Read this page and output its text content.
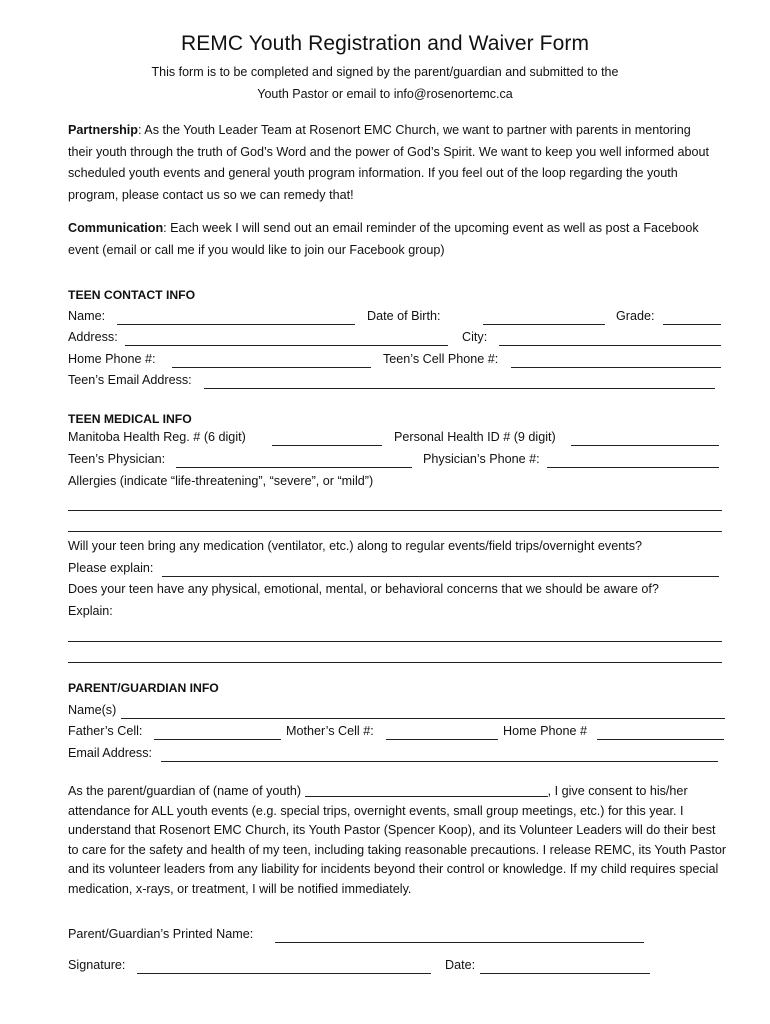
REMC Youth Registration and Waiver Form
This form is to be completed and signed by the parent/guardian and submitted to the
Youth Pastor or email to info@rosenortemc.ca
Partnership: As the Youth Leader Team at Rosenort EMC Church, we want to partner with parents in mentoring their youth through the truth of God’s Word and the power of God’s Spirit. We want to keep you well informed about scheduled youth events and general youth program information. If you feel out of the loop regarding the youth program, please contact us so we can remedy that!
Communication: Each week I will send out an email reminder of the upcoming event as well as post a Facebook event (email or call me if you would like to join our Facebook group)
TEEN CONTACT INFO
Name:	Date of Birth:	Grade:
Address:	City:
Home Phone #:	Teen’s Cell Phone #:
Teen’s Email Address:
TEEN MEDICAL INFO
Manitoba Health Reg. # (6 digit)	Personal Health ID # (9 digit)
Teen’s Physician:	Physician’s Phone #:
Allergies (indicate “life-threatening”, “severe”, or “mild”)
Will your teen bring any medication (ventilator, etc.) along to regular events/field trips/overnight events?
Please explain:
Does your teen have any physical, emotional, mental, or behavioral concerns that we should be aware of?
Explain:
PARENT/GUARDIAN INFO
Name(s)
Father’s Cell:	Mother’s Cell #:	Home Phone #
Email Address:
As the parent/guardian of (name of youth)	, I give consent to his/her attendance for ALL youth events (e.g. special trips, overnight events, small group meetings, etc.) for this year. I understand that Rosenort EMC Church, its Youth Pastor (Spencer Koop), and its Volunteer Leaders will do their best to care for the safety and health of my teen, including taking reasonable precautions. I release REMC, its Youth Pastor and its volunteer leaders from any liability for incidents beyond their control or knowledge. If my child requires special medication, x-rays, or treatment, I will be notified immediately.
Parent/Guardian’s Printed Name:
Signature:	Date:
